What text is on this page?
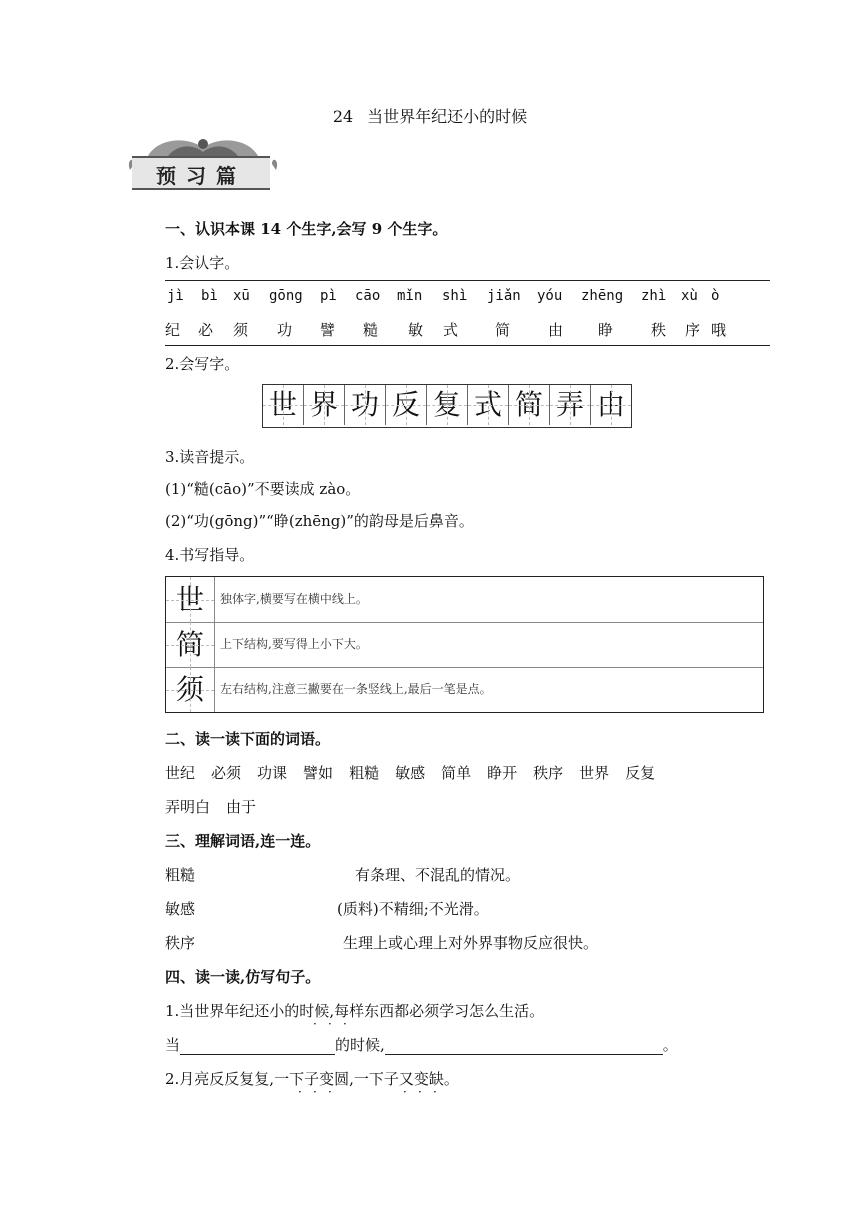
24 当世界年纪还小的时候
预习篇
一、认识本课 14 个生字,会写 9 个生字。
1.会认字。
jì bì xū gōng pì cāo mǐn shì jiǎn yóu zhēng zhì xù ò
纪 必 须 功 譬 糙 敏 式 简	由 睁	秩 序 哦
2.会写字。
世 界 功 反 复 式 简 弄 由
3.读音提示。
(1)“糙(cāo)”不要读成 zào。
(2)“功(gōng)”“睁(zhēng)”的韵母是后鼻音。
4.书写指导。
世	独体字,横要写在横中线上。
简	上下结构,要写得上小下大。
须	左右结构,注意三撇要在一条竖线上,最后一笔是点。
二、读一读下面的词语。
世纪 必须 功课 譬如 粗糙 敏感 简单 睁开 秩序 世界 反复
弄明白 由于
三、理解词语,连一连。
粗糙	有条理、不混乱的情况。
敏感	(质料)不精细;不光滑。
秩序	生理上或心理上对外界事物反应很快。
四、读一读,仿写句子。
1.当世界年纪还小的时候,每样东西都必须学习怎么生活。
· · ·
当	的时候,	。
2.月亮反反复复,一下子变圆,一下子又变缺。
· · ·	· · ·
